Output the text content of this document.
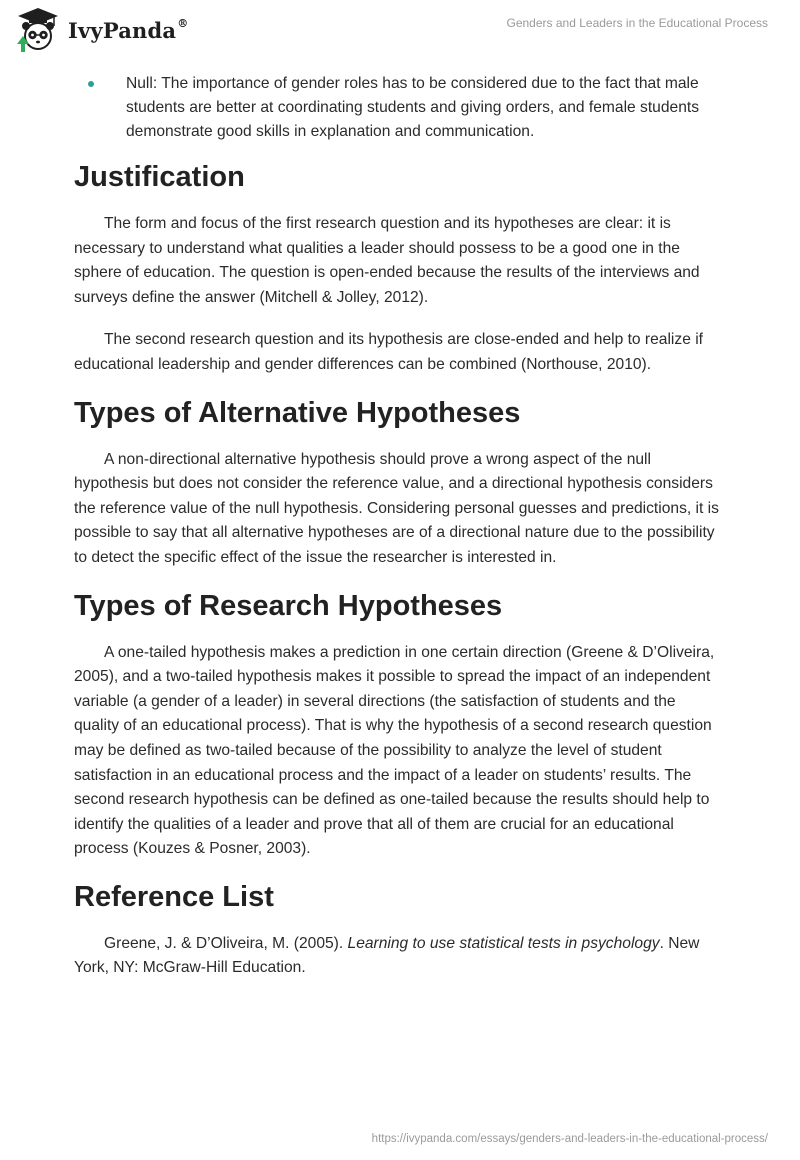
IvyPanda®	Genders and Leaders in the Educational Process
Null: The importance of gender roles has to be considered due to the fact that male students are better at coordinating students and giving orders, and female students demonstrate good skills in explanation and communication.
Justification

The form and focus of the first research question and its hypotheses are clear: it is necessary to understand what qualities a leader should possess to be a good one in the sphere of education. The question is open-ended because the results of the interviews and surveys define the answer (Mitchell & Jolley, 2012).

The second research question and its hypothesis are close-ended and help to realize if educational leadership and gender differences can be combined (Northouse, 2010).

Types of Alternative Hypotheses

A non-directional alternative hypothesis should prove a wrong aspect of the null hypothesis but does not consider the reference value, and a directional hypothesis considers the reference value of the null hypothesis. Considering personal guesses and predictions, it is possible to say that all alternative hypotheses are of a directional nature due to the possibility to detect the specific effect of the issue the researcher is interested in.

Types of Research Hypotheses

A one-tailed hypothesis makes a prediction in one certain direction (Greene & D’Oliveira, 2005), and a two-tailed hypothesis makes it possible to spread the impact of an independent variable (a gender of a leader) in several directions (the satisfaction of students and the quality of an educational process). That is why the hypothesis of a second research question may be defined as two-tailed because of the possibility to analyze the level of student satisfaction in an educational process and the impact of a leader on students’ results. The second research hypothesis can be defined as one-tailed because the results should help to identify the qualities of a leader and prove that all of them are crucial for an educational process (Kouzes & Posner, 2003).

Reference List

Greene, J. & D’Oliveira, M. (2005). Learning to use statistical tests in psychology. New York, NY: McGraw-Hill Education.

https://ivypanda.com/essays/genders-and-leaders-in-the-educational-process/
